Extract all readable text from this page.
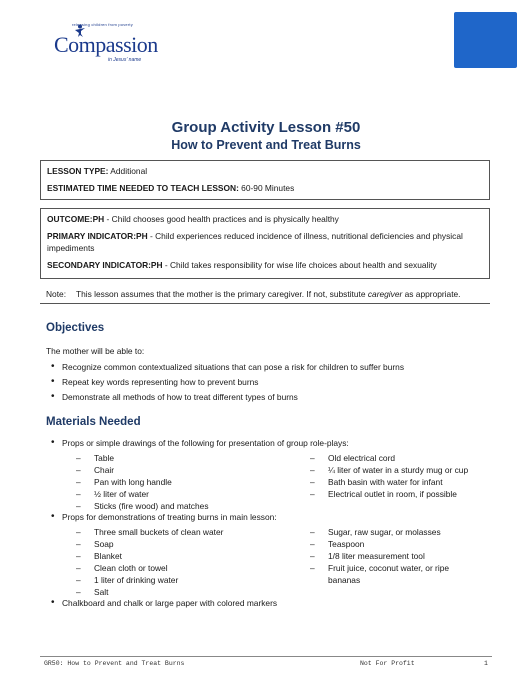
releasing children from poverty
Compassion
in Jesus' name
Group Activity Lesson #50
How to Prevent and Treat Burns

LESSON TYPE: Additional

ESTIMATED TIME NEEDED TO TEACH LESSON: 60-90 Minutes

OUTCOME:PH - Child chooses good health practices and is physically healthy

PRIMARY INDICATOR:PH - Child experiences reduced incidence of illness, nutritional deficiencies and physical impediments

SECONDARY INDICATOR:PH - Child takes responsibility for wise life choices about health and sexuality

Note:	This lesson assumes that the mother is the primary caregiver. If not, substitute caregiver as appropriate.
Objectives
The mother will be able to:
• Recognize common contextualized situations that can pose a risk for children to suffer burns
• Repeat key words representing how to prevent burns
• Demonstrate all methods of how to treat different types of burns
Materials Needed
• Props or simple drawings of the following for presentation of group role-plays:
– Table
– Chair
– Pan with long handle
– ½ liter of water
– Sticks (fire wood) and matches
– Old electrical cord
– ¼ liter of water in a sturdy mug or cup
– Bath basin with water for infant
– Electrical outlet in room, if possible
• Props for demonstrations of treating burns in main lesson:
– Three small buckets of clean water
– Soap
– Blanket
– Clean cloth or towel
– 1 liter of drinking water
– Salt
– Sugar, raw sugar, or molasses
– Teaspoon
– 1/8 liter measurement tool
– Fruit juice, coconut water, or ripe bananas
• Chalkboard and chalk or large paper with colored markers
GR50: How to Prevent and Treat Burns	Not For Profit	1
